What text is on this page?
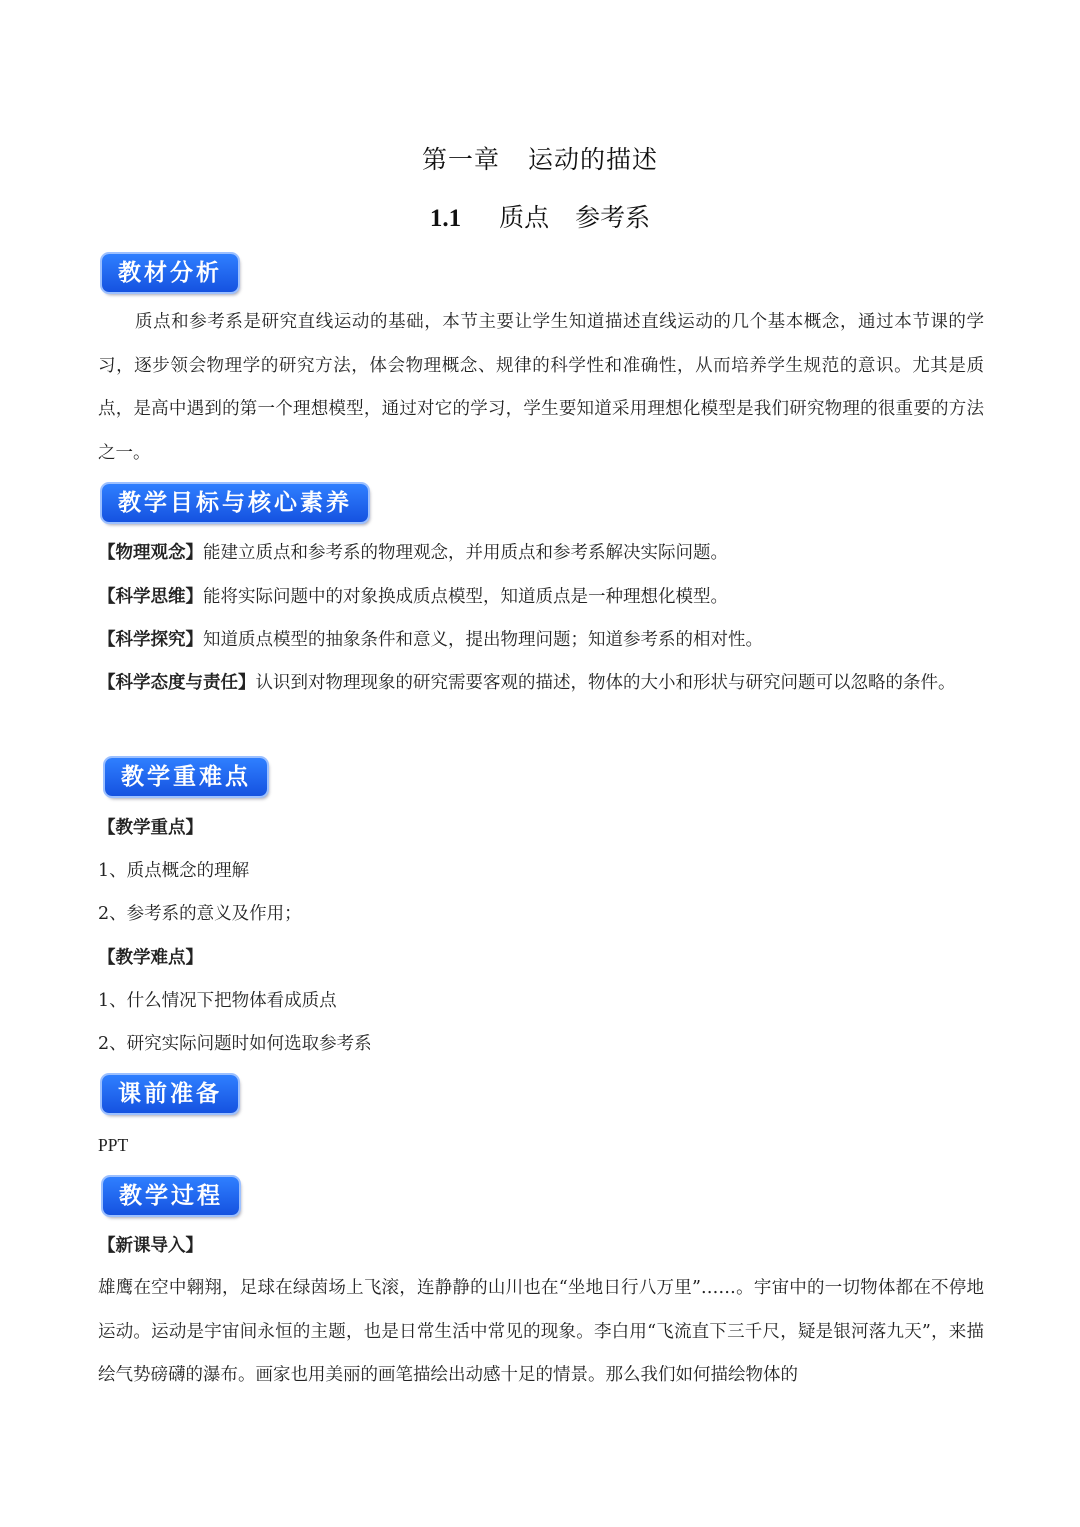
第一章 运动的描述
1.1 质点 参考系
教材分析
质点和参考系是研究直线运动的基础，本节主要让学生知道描述直线运动的几个基本概念，通过本节课的学习，逐步领会物理学的研究方法，体会物理概念、规律的科学性和准确性，从而培养学生规范的意识。尤其是质点，是高中遇到的第一个理想模型，通过对它的学习，学生要知道采用理想化模型是我们研究物理的很重要的方法之一。
教学目标与核心素养
【物理观念】能建立质点和参考系的物理观念，并用质点和参考系解决实际问题。
【科学思维】能将实际问题中的对象换成质点模型，知道质点是一种理想化模型。
【科学探究】知道质点模型的抽象条件和意义，提出物理问题；知道参考系的相对性。
【科学态度与责任】认识到对物理现象的研究需要客观的描述，物体的大小和形状与研究问题可以忽略的条件。
教学重难点
【教学重点】
1、质点概念的理解
2、参考系的意义及作用；
【教学难点】
1、什么情况下把物体看成质点
2、研究实际问题时如何选取参考系
课前准备
PPT
教学过程
【新课导入】
雄鹰在空中翱翔，足球在绿茵场上飞滚，连静静的山川也在“坐地日行八万里”……。宇宙中的一切物体都在不停地运动。运动是宇宙间永恒的主题，也是日常生活中常见的现象。李白用“飞流直下三千尺，疑是银河落九天”，来描绘气势磅礴的瀑布。画家也用美丽的画笔描绘出动感十足的情景。那么我们如何描绘物体的
